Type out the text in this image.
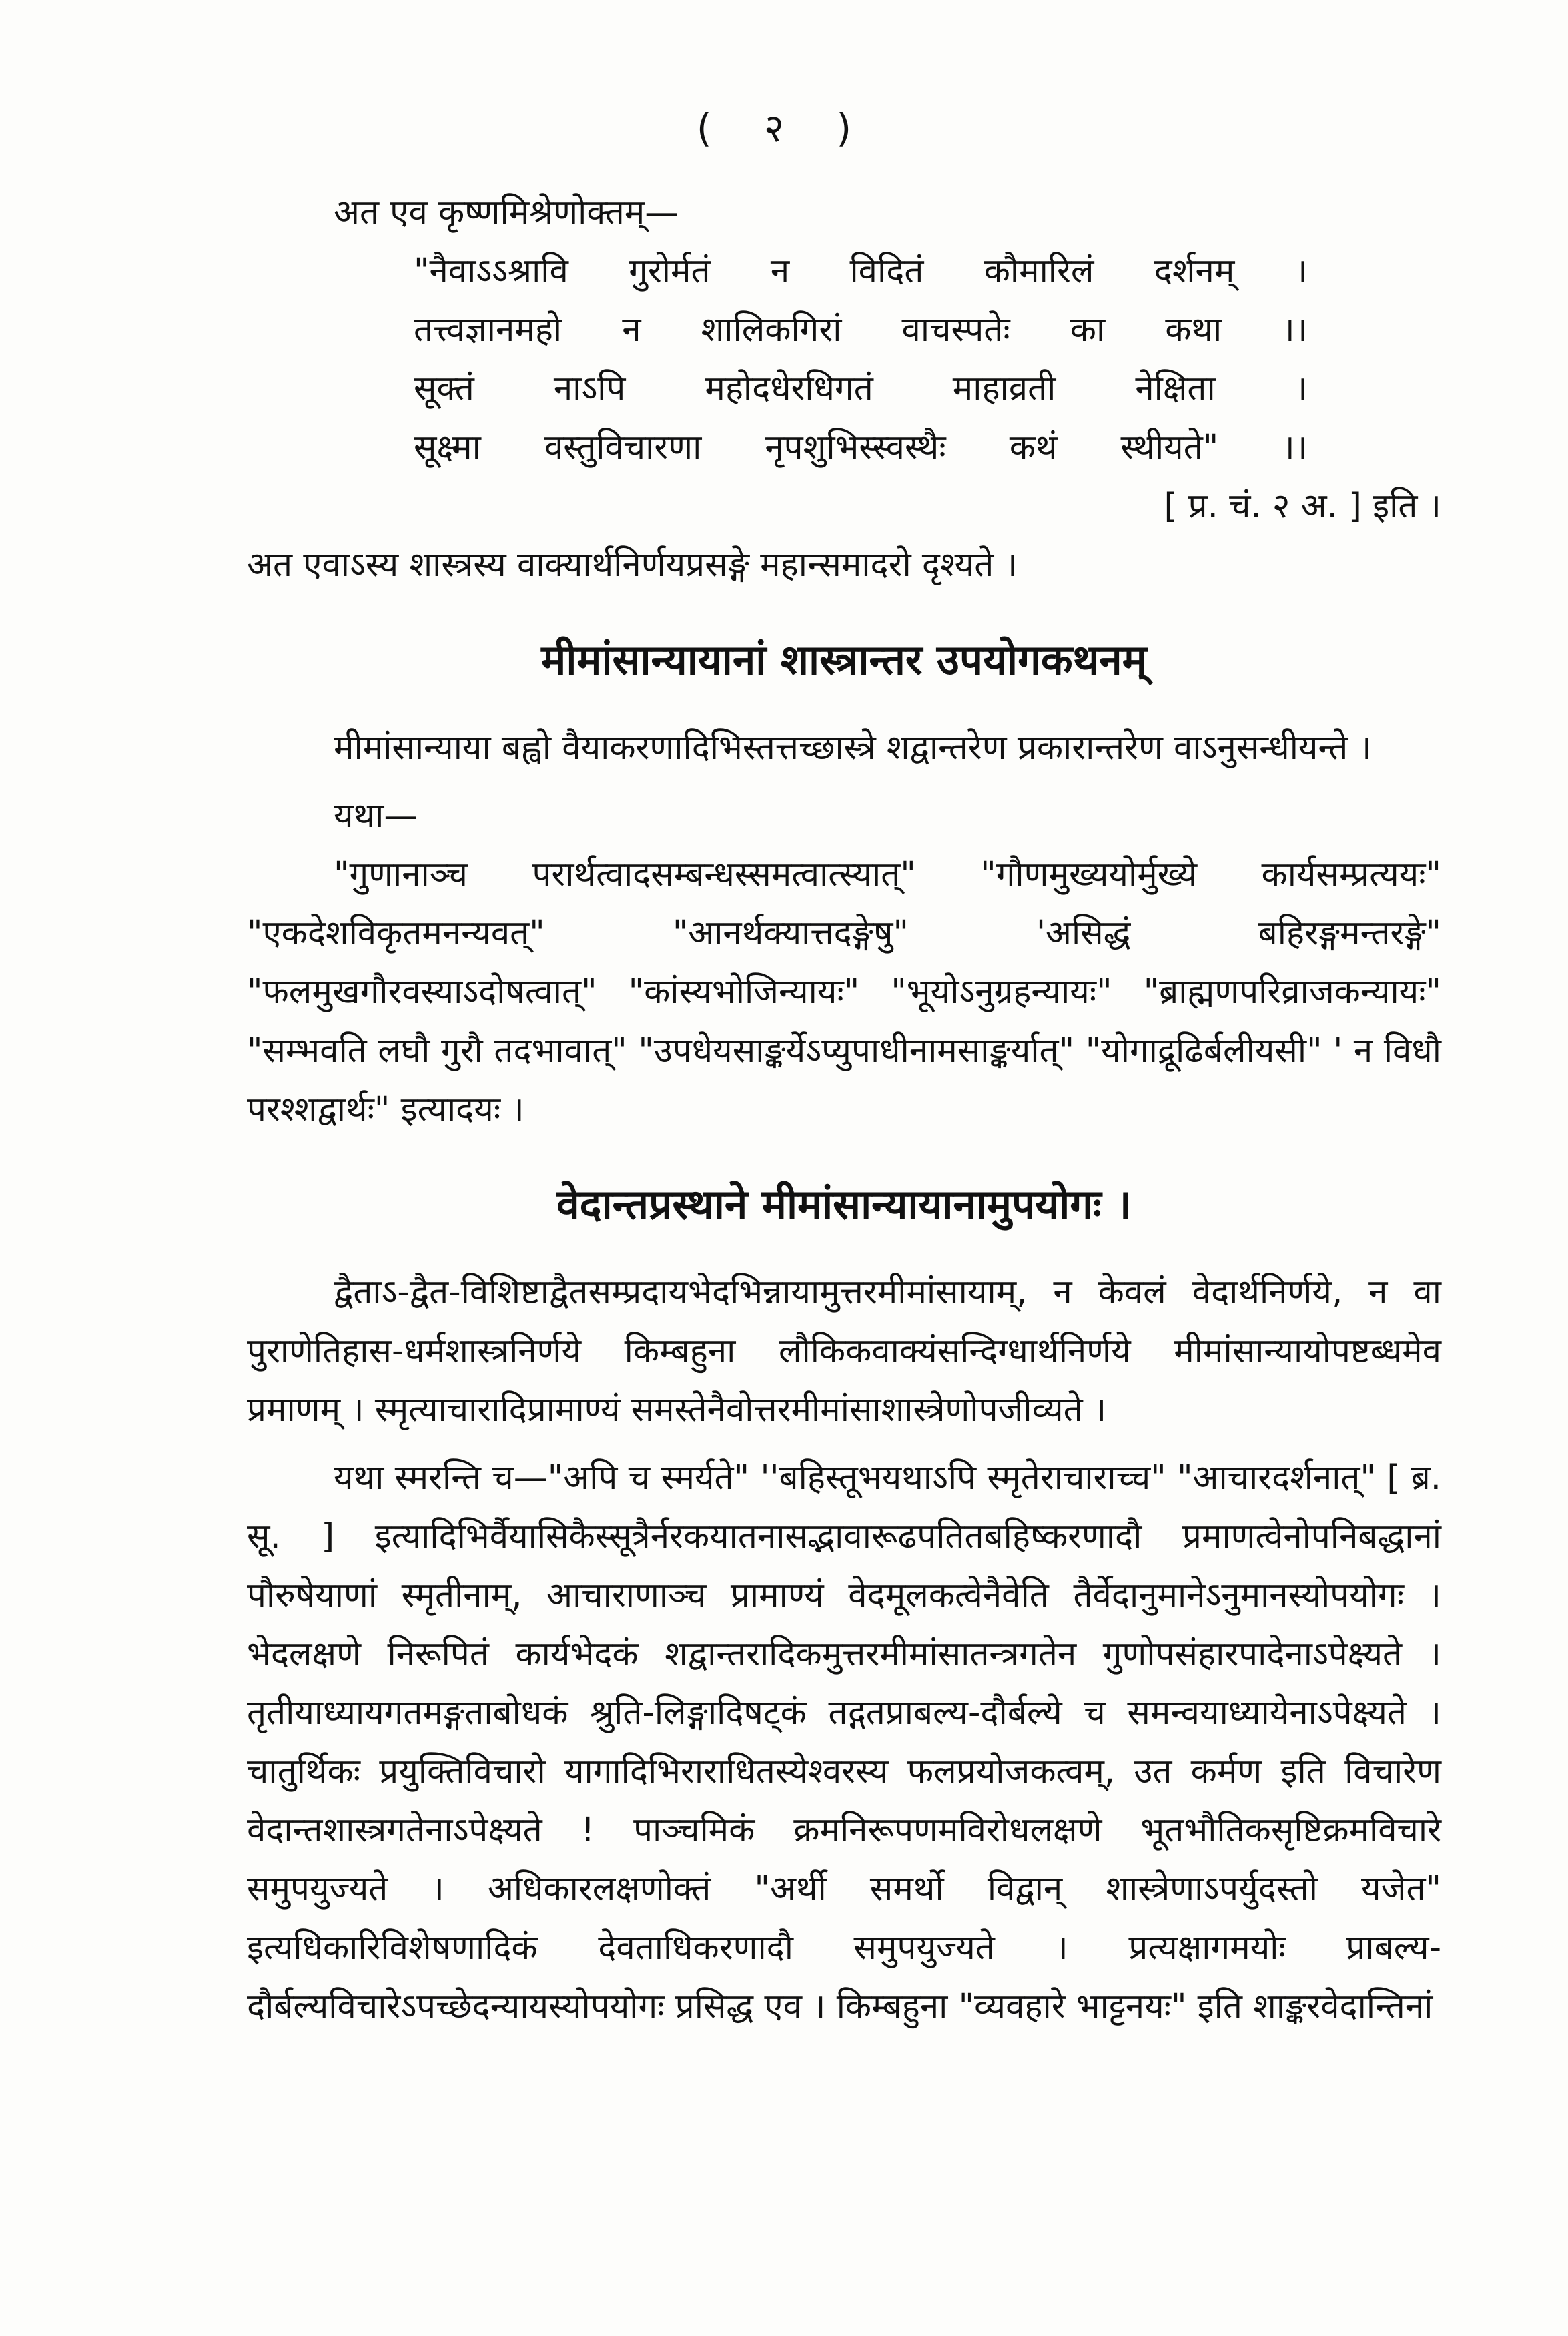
( २ )

अत एव कृष्णमिश्रेणोक्तम्—

"नैवाऽऽश्रावि गुरोर्मतं न विदितं कौमारिलं दर्शनम् ।

तत्त्वज्ञानमहो न शालिकगिरां वाचस्पतेः का कथा ।।

सूक्तं नाऽपि महोदधेरधिगतं माहाव्रती नेक्षिता ।

सूक्ष्मा वस्तुविचारणा नृपशुभिस्स्वस्थैः कथं स्थीयते" ।।

[ प्र. चं. २ अ. ] इति ।

अत एवाऽस्य शास्त्रस्य वाक्यार्थनिर्णयप्रसङ्गे महान्समादरो दृश्यते ।

मीमांसान्यायानां शास्त्रान्तर उपयोगकथनम्

मीमांसान्याया बह्वो वैयाकरणादिभिस्तत्तच्छास्त्रे शद्वान्तरेण प्रकारान्तरेण वाऽनुसन्धीयन्ते ।

यथा—

"गुणानाञ्च परार्थत्वादसम्बन्धस्समत्वात्स्यात्" "गौणमुख्ययोर्मुख्ये कार्यसम्प्रत्ययः" "एकदेशविकृतमनन्यवत्" "आनर्थक्यात्तदङ्गेषु" 'असिद्धं बहिरङ्गमन्तरङ्गे" "फलमुखगौरवस्याऽदोषत्वात्" "कांस्यभोजिन्यायः" "भूयोऽनुग्रहन्यायः" "ब्राह्मणपरिव्राजकन्यायः" "सम्भवति लघौ गुरौ तदभावात्" "उपधेयसाङ्कर्येऽप्युपाधीनामसाङ्कर्यात्" "योगाद्रूढिर्बलीयसी" ' न विधौ परश्शद्वार्थः" इत्यादयः ।

वेदान्तप्रस्थाने मीमांसान्यायानामुपयोगः ।

द्वैताऽ-द्वैत-विशिष्टाद्वैतसम्प्रदायभेदभिन्नायामुत्तरमीमांसायाम्, न केवलं वेदार्थनिर्णये, न वा पुराणेतिहास-धर्मशास्त्रनिर्णये किम्बहुना लौकिकवाक्यंसन्दिग्धार्थनिर्णये मीमांसान्यायोपष्टब्धमेव प्रमाणम् । स्मृत्याचारादिप्रामाण्यं समस्तेनैवोत्तरमीमांसाशास्त्रेणोपजीव्यते ।

यथा स्मरन्ति च—"अपि च स्मर्यते" ''बहिस्तूभयथाऽपि स्मृतेराचाराच्च" "आचारदर्शनात्" [ ब्र. सू. ] इत्यादिभिर्वैयासिकैस्सूत्रैर्नरकयातनासद्भावारूढपतितबहिष्करणादौ प्रमाणत्वेनोपनिबद्धानां पौरुषेयाणां स्मृतीनाम्, आचाराणाञ्च प्रामाण्यं वेदमूलकत्वेनैवेति तैर्वेदानुमानेऽनुमानस्योपयोगः । भेदलक्षणे निरूपितं कार्यभेदकं शद्वान्तरादिकमुत्तरमीमांसातन्त्रगतेन गुणोपसंहारपादेनाऽपेक्ष्यते । तृतीयाध्यायगतमङ्गताबोधकं श्रुति-लिङ्गादिषट्कं तद्गतप्राबल्य-दौर्बल्ये च समन्वयाध्यायेनाऽपेक्ष्यते । चातुर्थिकः प्रयुक्तिविचारो यागादिभिराराधितस्येश्वरस्य फलप्रयोजकत्वम्, उत कर्मण इति विचारेण वेदान्तशास्त्रगतेनाऽपेक्ष्यते ! पाञ्चमिकं क्रमनिरूपणमविरोधलक्षणे भूतभौतिकसृष्टिक्रमविचारे समुपयुज्यते । अधिकारलक्षणोक्तं "अर्थी समर्थो विद्वान् शास्त्रेणाऽपर्युदस्तो यजेत" इत्यधिकारिविशेषणादिकं देवताधिकरणादौ समुपयुज्यते । प्रत्यक्षागमयोः प्राबल्य-दौर्बल्यविचारेऽपच्छेदन्यायस्योपयोगः प्रसिद्ध एव । किम्बहुना "व्यवहारे भाट्टनयः" इति शाङ्करवेदान्तिनां
